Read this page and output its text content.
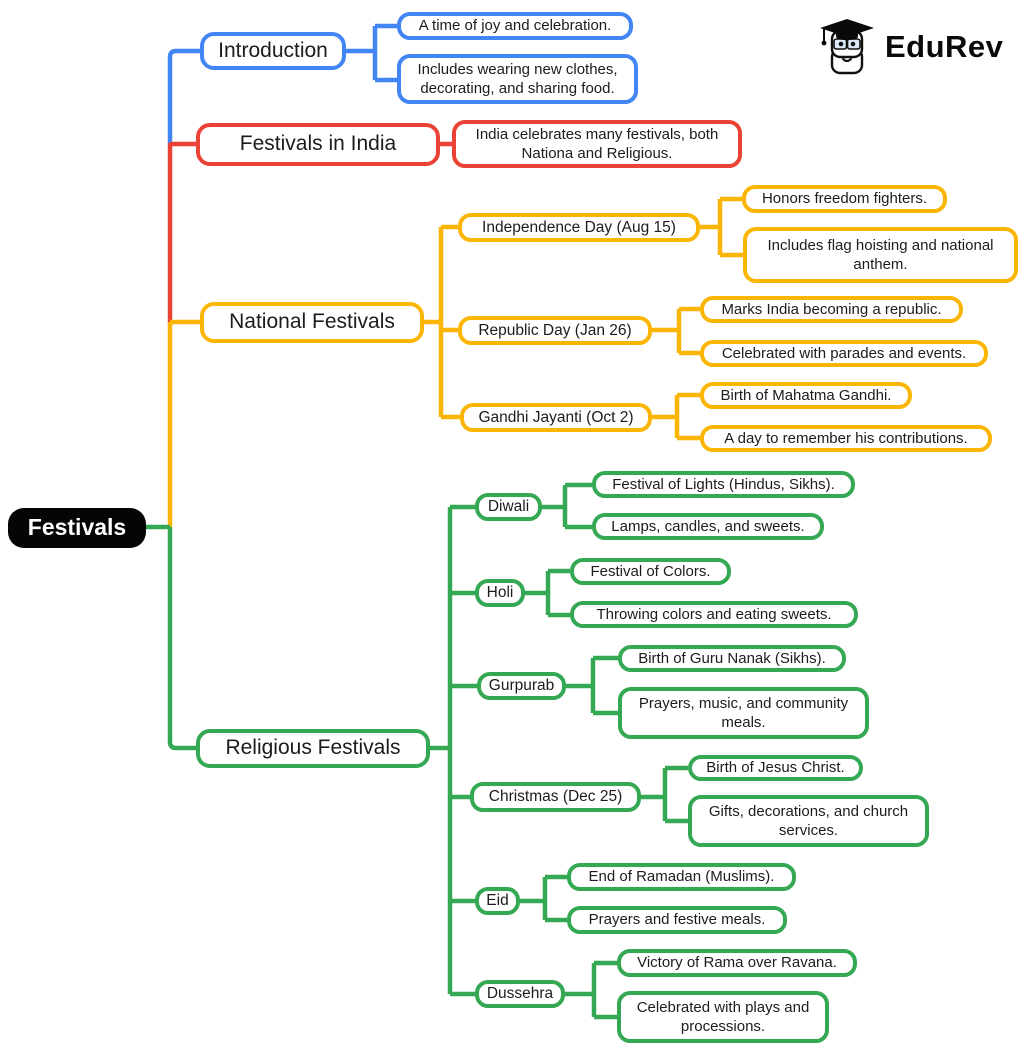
EduRev
Festivals
Introduction
A time of joy and celebration.
Includes wearing new clothes, decorating, and sharing food.
Festivals in India	India celebrates many festivals, both Nationa and Religious.
National Festivals
Independence Day (Aug 15)
Honors freedom fighters.
Includes flag hoisting and national anthem.
Republic Day (Jan 26)
Marks India becoming a republic.
Celebrated with parades and events.
Gandhi Jayanti (Oct 2)
Birth of Mahatma Gandhi.
A day to remember his contributions.
Religious Festivals
Diwali
Festival of Lights (Hindus, Sikhs).
Lamps, candles, and sweets.
Holi
Festival of Colors.
Throwing colors and eating sweets.
Gurpurab
Birth of Guru Nanak (Sikhs).
Prayers, music, and community meals.
Christmas (Dec 25)
Birth of Jesus Christ.
Gifts, decorations, and church services.
Eid
End of Ramadan (Muslims).
Prayers and festive meals.
Dussehra
Victory of Rama over Ravana.
Celebrated with plays and processions.
